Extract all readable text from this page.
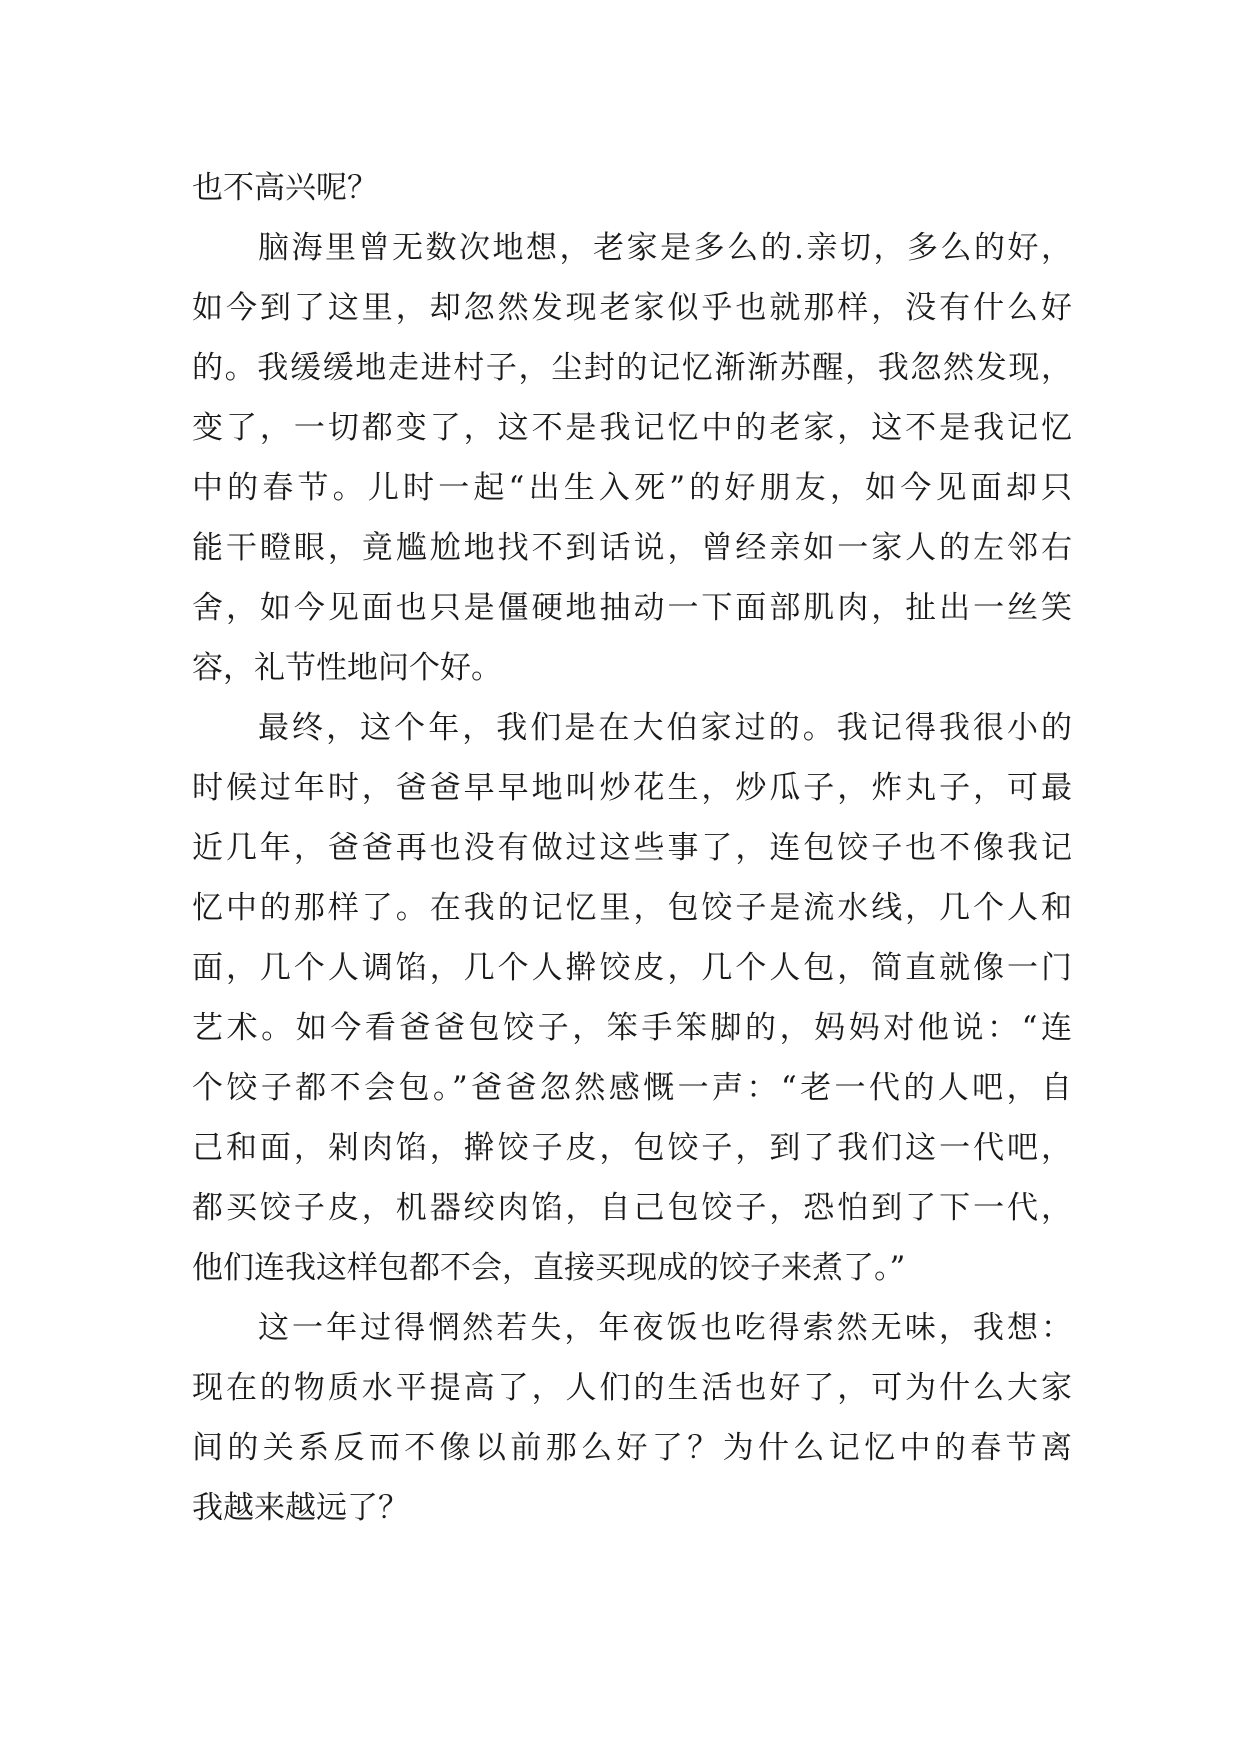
也不高兴呢？
脑海里曾无数次地想，老家是多么的.亲切，多么的好，
如今到了这里，却忽然发现老家似乎也就那样，没有什么好
的。我缓缓地走进村子，尘封的记忆渐渐苏醒，我忽然发现，
变了，一切都变了，这不是我记忆中的老家，这不是我记忆
中的春节。儿时一起“出生入死”的好朋友，如今见面却只
能干瞪眼，竟尴尬地找不到话说，曾经亲如一家人的左邻右
舍，如今见面也只是僵硬地抽动一下面部肌肉，扯出一丝笑
容，礼节性地问个好。
最终，这个年，我们是在大伯家过的。我记得我很小的
时候过年时，爸爸早早地叫炒花生，炒瓜子，炸丸子，可最
近几年，爸爸再也没有做过这些事了，连包饺子也不像我记
忆中的那样了。在我的记忆里，包饺子是流水线，几个人和
面，几个人调馅，几个人擀饺皮，几个人包，简直就像一门
艺术。如今看爸爸包饺子，笨手笨脚的，妈妈对他说：“连
个饺子都不会包。”爸爸忽然感慨一声：“老一代的人吧，自
己和面，剁肉馅，擀饺子皮，包饺子，到了我们这一代吧，
都买饺子皮，机器绞肉馅，自己包饺子，恐怕到了下一代，
他们连我这样包都不会，直接买现成的饺子来煮了。”
这一年过得惘然若失，年夜饭也吃得索然无味，我想：
现在的物质水平提高了，人们的生活也好了，可为什么大家
间的关系反而不像以前那么好了？为什么记忆中的春节离
我越来越远了？
